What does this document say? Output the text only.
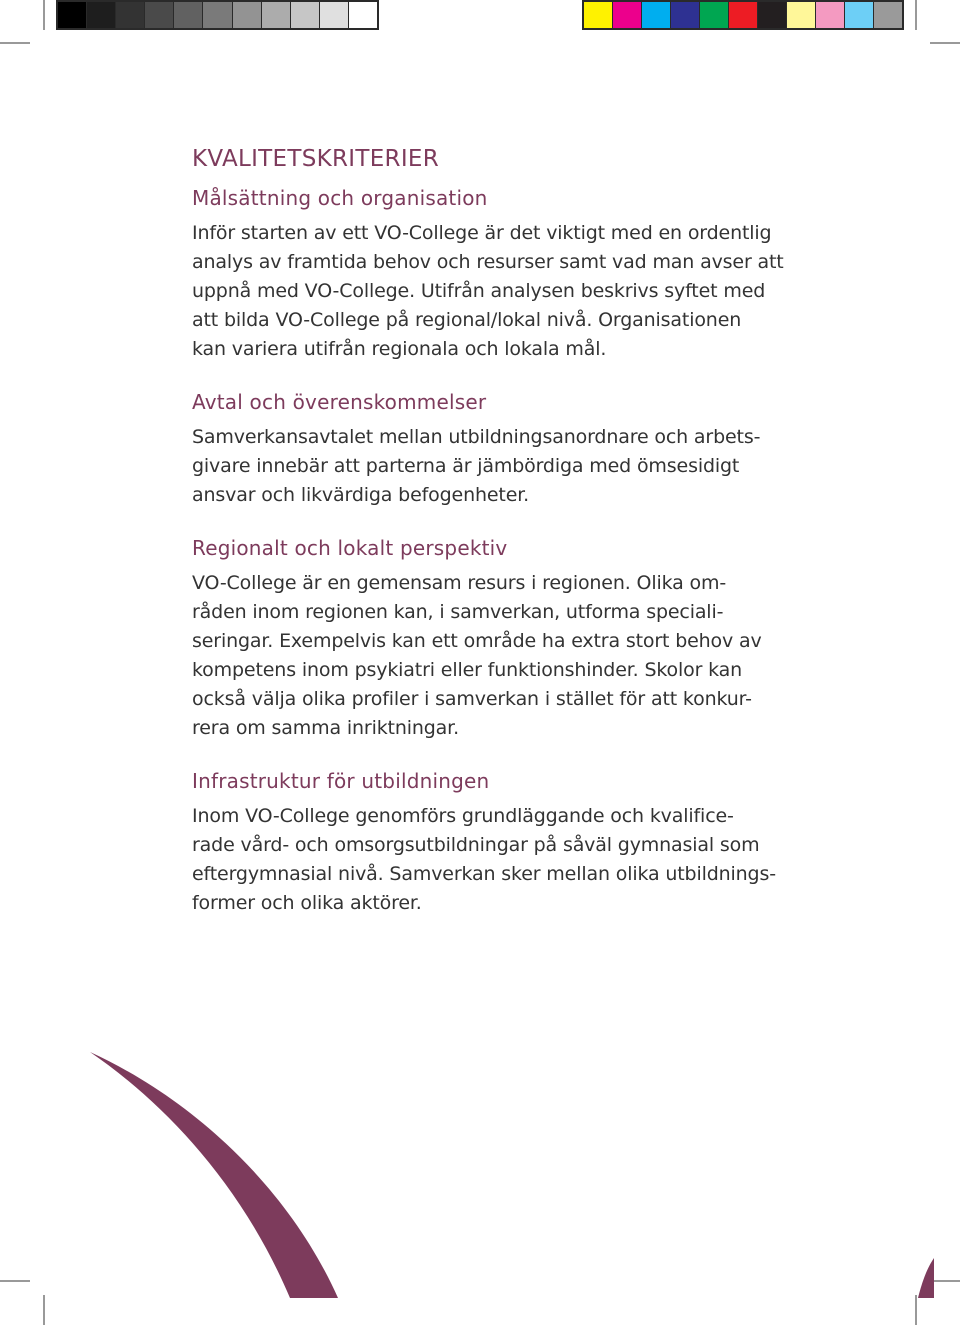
KVALITETSKRITERIER
Målsättning och organisation

Inför starten av ett VO-College är det viktigt med en ordentlig
analys av framtida behov och resurser samt vad man avser att
uppnå med VO-College. Utifrån analysen beskrivs syftet med
att bilda VO-College på regional/lokal nivå. Organisationen
kan variera utifrån regionala och lokala mål.

Avtal och överenskommelser

Samverkansavtalet mellan utbildningsanordnare och arbets-
givare innebär att parterna är jämbördiga med ömsesidigt
ansvar och likvärdiga befogenheter.

Regionalt och lokalt perspektiv

VO-College är en gemensam resurs i regionen. Olika om-
råden inom regionen kan, i samverkan, utforma speciali-
seringar. Exempelvis kan ett område ha extra stort behov av
kompetens inom psykiatri eller funktionshinder. Skolor kan
också välja olika profiler i samverkan i stället för att konkur-
rera om samma inriktningar.

Infrastruktur för utbildningen

Inom VO-College genomförs grundläggande och kvalifice-
rade vård- och omsorgsutbildningar på såväl gymnasial som
eftergymnasial nivå. Samverkan sker mellan olika utbildnings-
former och olika aktörer.
